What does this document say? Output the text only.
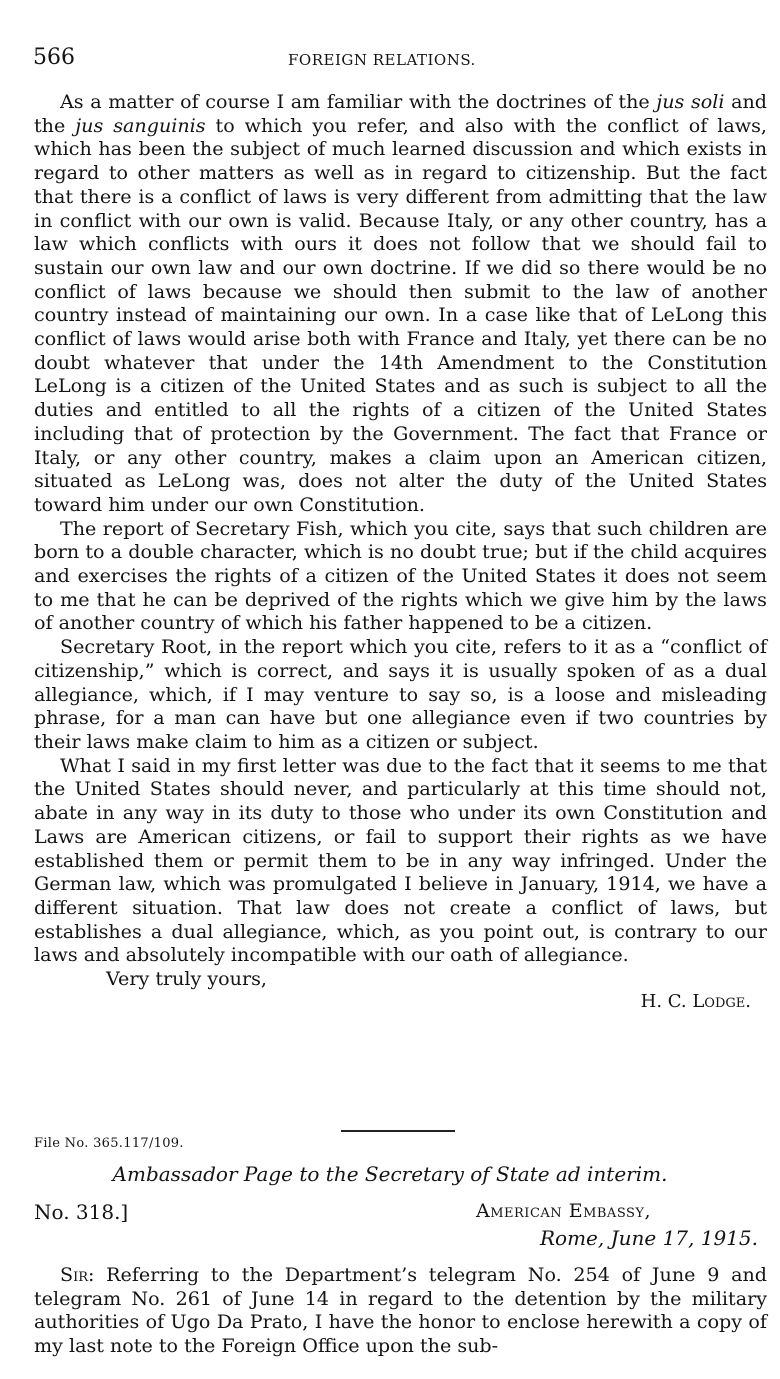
566	FOREIGN RELATIONS.

As a matter of course I am familiar with the doctrines of the jus soli and the jus sanguinis to which you refer, and also with the conflict of laws, which has been the subject of much learned discussion and which exists in regard to other matters as well as in regard to citizenship. But the fact that there is a conflict of laws is very different from admitting that the law in conflict with our own is valid. Because Italy, or any other country, has a law which conflicts with ours it does not follow that we should fail to sustain our own law and our own doctrine. If we did so there would be no conflict of laws because we should then submit to the law of another country instead of maintaining our own. In a case like that of LeLong this conflict of laws would arise both with France and Italy, yet there can be no doubt whatever that under the 14th Amendment to the Constitution LeLong is a citizen of the United States and as such is subject to all the duties and entitled to all the rights of a citizen of the United States including that of protection by the Government. The fact that France or Italy, or any other country, makes a claim upon an American citizen, situated as LeLong was, does not alter the duty of the United States toward him under our own Constitution.

The report of Secretary Fish, which you cite, says that such children are born to a double character, which is no doubt true; but if the child acquires and exercises the rights of a citizen of the United States it does not seem to me that he can be deprived of the rights which we give him by the laws of another country of which his father happened to be a citizen.

Secretary Root, in the report which you cite, refers to it as a “conflict of citizenship,” which is correct, and says it is usually spoken of as a dual allegiance, which, if I may venture to say so, is a loose and misleading phrase, for a man can have but one allegiance even if two countries by their laws make claim to him as a citizen or subject.

What I said in my first letter was due to the fact that it seems to me that the United States should never, and particularly at this time should not, abate in any way in its duty to those who under its own Constitution and Laws are American citizens, or fail to support their rights as we have established them or permit them to be in any way infringed. Under the German law, which was promulgated I believe in January, 1914, we have a different situation. That law does not create a conflict of laws, but establishes a dual allegiance, which, as you point out, is contrary to our laws and absolutely incompatible with our oath of allegiance.

Very truly yours,

H. C. Lodge.

File No. 365.117/109.
Ambassador Page to the Secretary of State ad interim.
No. 318.]	American Embassy,
Rome, June 17, 1915.

Sir: Referring to the Department’s telegram No. 254 of June 9 and telegram No. 261 of June 14 in regard to the detention by the military authorities of Ugo Da Prato, I have the honor to enclose herewith a copy of my last note to the Foreign Office upon the sub-
